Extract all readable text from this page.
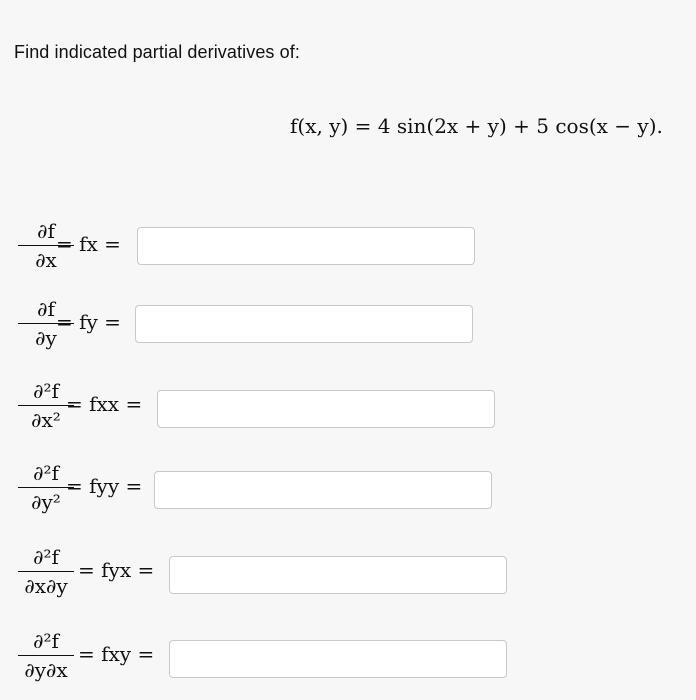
Find indicated partial derivatives of:
f(x, y) = 4 sin(2x + y) + 5 cos(x − y).
∂f
∂x
= fx =
∂f
∂y
= fy =
∂²f
∂x²
= fxx =
∂²f
∂y²
= fyy =
∂²f
∂x∂y
= fyx =
∂²f
∂y∂x
= fxy =
